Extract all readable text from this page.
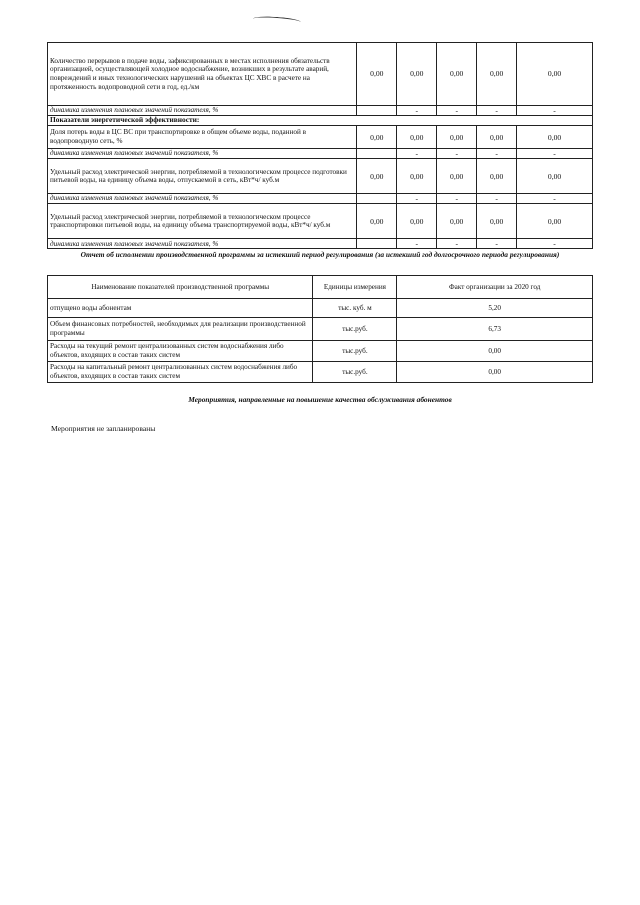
Количество перерывов в подаче воды, зафиксированных в местах исполнения обязательств организацией, осуществляющей холодное водоснабжение, возникших в результате аварий, повреждений и иных технологических нарушений на объектах ЦС ХВС в расчете на протяженность водопроводной сети в год, ед./км	0,00	0,00	0,00	0,00	0,00
динамика изменения плановых значений показателя, %		-	-	-	-
Показатели энергетической эффективности:					
Доля потерь воды в ЦС ВС при транспортировке в общем объеме воды, поданной в водопроводную сеть, %	0,00	0,00	0,00	0,00	0,00
динамика изменения плановых значений показателя, %		-	-	-	-
Удельный расход электрической энергии, потребляемой в технологическом процессе подготовки питьевой воды, на единицу объема воды, отпускаемой в сеть, кВт*ч/ куб.м	0,00	0,00	0,00	0,00	0,00
динамика изменения плановых значений показателя, %		-	-	-	-
Удельный расход электрической энергии, потребляемой в технологическом процессе транспортировки питьевой воды, на единицу объема транспортируемой воды, кВт*ч/ куб.м	0,00	0,00	0,00	0,00	0,00
динамика изменения плановых значений показателя, %		-	-	-	-
Отчет об исполнении производственной программы за истекший период регулирования (за истекший год долгосрочного периода регулирования)
Наименование показателей производственной программы	Единицы измерения	Факт организации за 2020 год
отпущено воды абонентам	тыс. куб. м	5,20
Объем финансовых потребностей, необходимых для реализации производственной программы	тыс.руб.	6,73
Расходы на текущий ремонт централизованных систем водоснабжения либо объектов, входящих в состав таких систем	тыс.руб.	0,00
Расходы на капитальный ремонт централизованных систем водоснабжения либо объектов, входящих в состав таких систем	тыс.руб.	0,00
Мероприятия, направленные на повышение качества обслуживания абонентов
Мероприятия не запланированы
